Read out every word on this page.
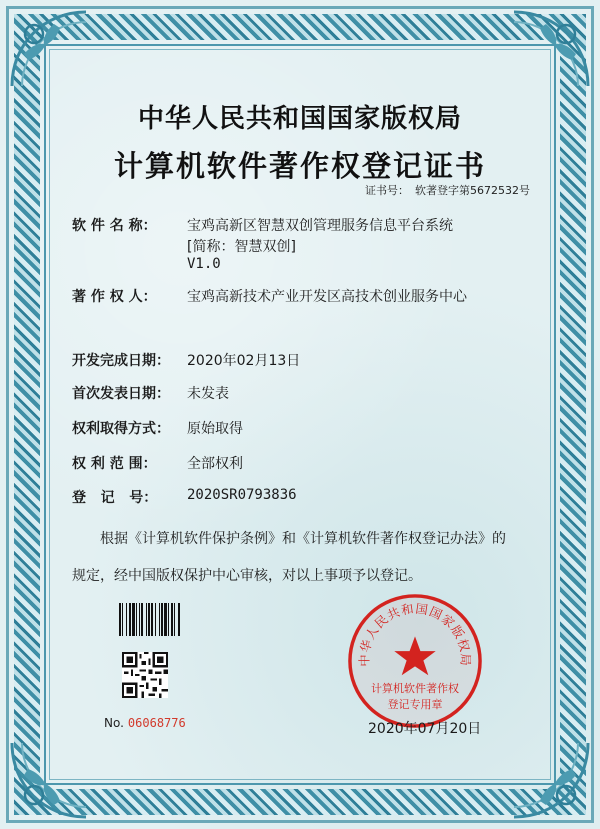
中华人民共和国国家版权局
计算机软件著作权登记证书
证书号： 软著登字第5672532号
软 件 名 称： 宝鸡高新区智慧双创管理服务信息平台系统
[简称：智慧双创]
V1.0
著 作 权 人： 宝鸡高新技术产业开发区高技术创业服务中心
开发完成日期： 2020年02月13日
首次发表日期： 未发表
权利取得方式： 原始取得
权 利 范 围： 全部权利
登   记   号： 2020SR0793836
根据《计算机软件保护条例》和《计算机软件著作权登记办法》的
规定，经中国版权保护中心审核，对以上事项予以登记。
No. 06068776
中华人民共和国国家版权局
计算机软件著作权
登记专用章
2020年07月20日
